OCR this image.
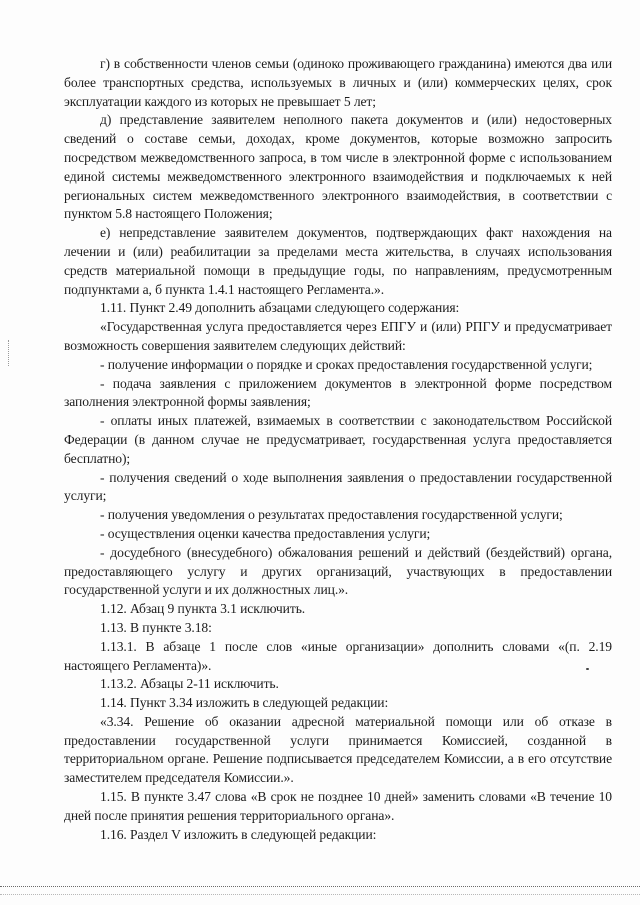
г) в собственности членов семьи (одиноко проживающего гражданина) имеются два или более транспортных средства, используемых в личных и (или) коммерческих целях, срок эксплуатации каждого из которых не превышает 5 лет;

д) представление заявителем неполного пакета документов и (или) недостоверных сведений о составе семьи, доходах, кроме документов, которые возможно запросить посредством межведомственного запроса, в том числе в электронной форме с использованием единой системы межведомственного электронного взаимодействия и подключаемых к ней региональных систем межведомственного электронного взаимодействия, в соответствии с пунктом 5.8 настоящего Положения;

е) непредставление заявителем документов, подтверждающих факт нахождения на лечении и (или) реабилитации за пределами места жительства, в случаях использования средств материальной помощи в предыдущие годы, по направлениям, предусмотренным подпунктами а, б пункта 1.4.1 настоящего Регламента.».

1.11. Пункт 2.49 дополнить абзацами следующего содержания:

«Государственная услуга предоставляется через ЕПГУ и (или) РПГУ и предусматривает возможность совершения заявителем следующих действий:

- получение информации о порядке и сроках предоставления государственной услуги;

- подача заявления с приложением документов в электронной форме посредством заполнения электронной формы заявления;

- оплаты иных платежей, взимаемых в соответствии с законодательством Российской Федерации (в данном случае не предусматривает, государственная услуга предоставляется бесплатно);

- получения сведений о ходе выполнения заявления о предоставлении государственной услуги;

- получения уведомления о результатах предоставления государственной услуги;

- осуществления оценки качества предоставления услуги;

- досудебного (внесудебного) обжалования решений и действий (бездействий) органа, предоставляющего услугу и других организаций, участвующих в предоставлении государственной услуги и их должностных лиц.».

1.12. Абзац 9 пункта 3.1 исключить.

1.13. В пункте 3.18:

1.13.1. В абзаце 1 после слов «иные организации» дополнить словами «(п. 2.19 настоящего Регламента)».

1.13.2. Абзацы 2-11 исключить.

1.14. Пункт 3.34 изложить в следующей редакции:

«3.34. Решение об оказании адресной материальной помощи или об отказе в предоставлении государственной услуги принимается Комиссией, созданной в территориальном органе. Решение подписывается председателем Комиссии, а в его отсутствие заместителем председателя Комиссии.».

1.15. В пункте 3.47 слова «В срок не позднее 10 дней» заменить словами «В течение 10 дней после принятия решения территориального органа».

1.16. Раздел V изложить в следующей редакции:
